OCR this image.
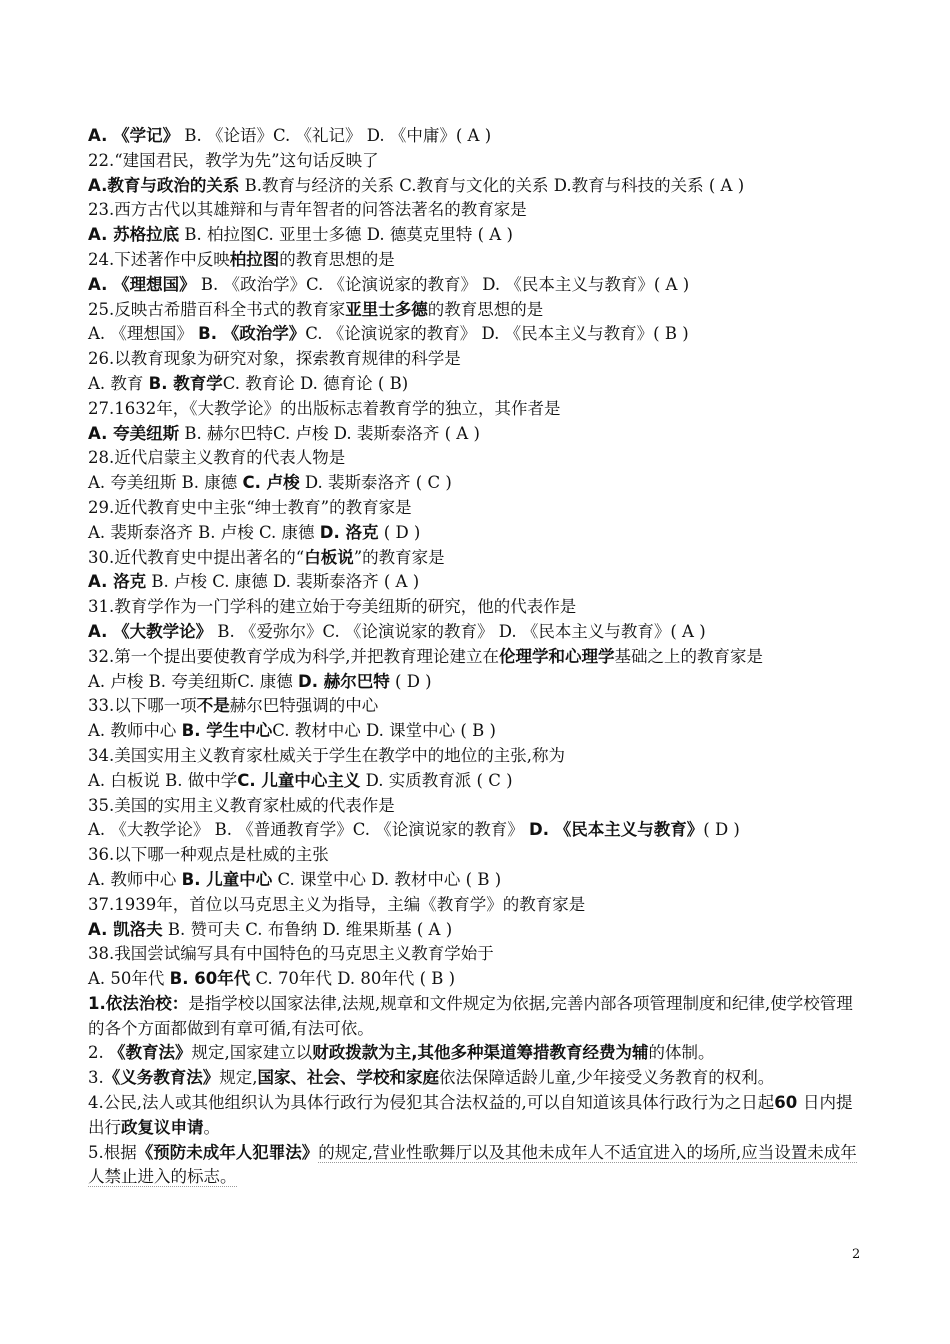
A. 《学记》 B. 《论语》C. 《礼记》 D. 《中庸》( A )
22.“建国君民，教学为先”这句话反映了
A.教育与政治的关系 B.教育与经济的关系 C.教育与文化的关系 D.教育与科技的关系 ( A )
23.西方古代以其雄辩和与青年智者的问答法著名的教育家是
A. 苏格拉底 B. 柏拉图C. 亚里士多德 D. 德莫克里特 ( A )
24.下述著作中反映柏拉图的教育思想的是
A. 《理想国》 B. 《政治学》C. 《论演说家的教育》 D. 《民本主义与教育》( A )
25.反映古希腊百科全书式的教育家亚里士多德的教育思想的是
A. 《理想国》 B. 《政治学》C. 《论演说家的教育》 D. 《民本主义与教育》( B )
26.以教育现象为研究对象，探索教育规律的科学是
A. 教育 B. 教育学C. 教育论 D. 德育论 ( B)
27.1632年，《大教学论》的出版标志着教育学的独立，其作者是
A. 夸美纽斯 B. 赫尔巴特C. 卢梭 D. 裴斯泰洛齐 ( A )
28.近代启蒙主义教育的代表人物是
A. 夸美纽斯 B. 康德 C. 卢梭 D. 裴斯泰洛齐 ( C )
29.近代教育史中主张“绅士教育”的教育家是
A. 裴斯泰洛齐 B. 卢梭 C. 康德 D. 洛克 ( D )
30.近代教育史中提出著名的“白板说”的教育家是
A. 洛克 B. 卢梭 C. 康德 D. 裴斯泰洛齐 ( A )
31.教育学作为一门学科的建立始于夸美纽斯的研究，他的代表作是
A. 《大教学论》 B. 《爱弥尔》C. 《论演说家的教育》 D. 《民本主义与教育》( A )
32.第一个提出要使教育学成为科学,并把教育理论建立在伦理学和心理学基础之上的教育家是
A. 卢梭 B. 夸美纽斯C. 康德 D. 赫尔巴特 ( D )
33.以下哪一项不是赫尔巴特强调的中心
A. 教师中心 B. 学生中心C. 教材中心 D. 课堂中心 ( B )
34.美国实用主义教育家杜威关于学生在教学中的地位的主张,称为
A. 白板说 B. 做中学C. 儿童中心主义 D. 实质教育派 ( C )
35.美国的实用主义教育家杜威的代表作是
A. 《大教学论》 B. 《普通教育学》C. 《论演说家的教育》 D. 《民本主义与教育》( D )
36.以下哪一种观点是杜威的主张
A. 教师中心 B. 儿童中心 C. 课堂中心 D. 教材中心 ( B )
37.1939年，首位以马克思主义为指导，主编《教育学》的教育家是
A. 凯洛夫 B. 赞可夫 C. 布鲁纳 D. 维果斯基 ( A )
38.我国尝试编写具有中国特色的马克思主义教育学始于
A. 50年代 B. 60年代 C. 70年代 D. 80年代 ( B )
1.依法治校：是指学校以国家法律,法规,规章和文件规定为依据,完善内部各项管理制度和纪律,使学校管理的各个方面都做到有章可循,有法可依。
2. 《教育法》规定,国家建立以财政拨款为主,其他多种渠道筹措教育经费为辅的体制。
3.《义务教育法》规定,国家、社会、学校和家庭依法保障适龄儿童,少年接受义务教育的权利。
4.公民,法人或其他组织认为具体行政行为侵犯其合法权益的,可以自知道该具体行政行为之日起60 日内提出行政复议申请。
5.根据《预防未成年人犯罪法》的规定,营业性歌舞厅以及其他未成年人不适宜进入的场所,应当设置未成年人禁止进入的标志。
2
